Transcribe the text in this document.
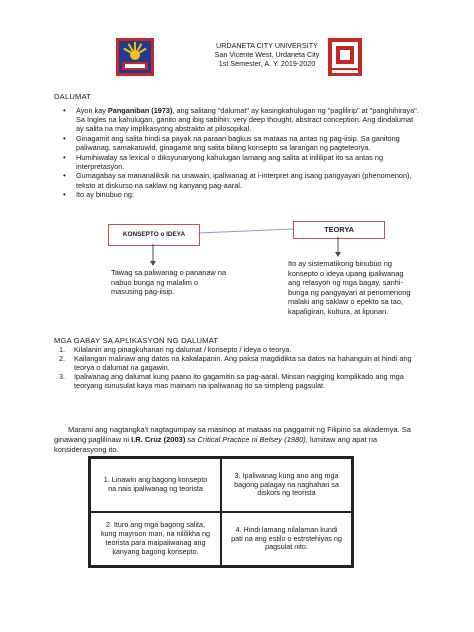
URDANETA CITY UNIVERSITY
San Vicente West, Urdaneta City
1st Semester, A. Y. 2019-2020
DALUMAT
• Ayon kay Panganiban (1973), ang salitang "dalumat" ay kasingkahulugan ng "paglilirip" at "panghihiraya". Sa Ingles na kahulugan, ganito ang ibig sabihin: very deep thought, abstract conception. Ang dindalumat ay salita na may implikasyong abstrakto at pilosopikal.
• Ginagamit ang salita hindi sa payak na paraan bagkus sa mataas na antas ng pag-iisip. Sa ganitong paliwanag, samakatuwid, ginagamit ang salita bilang konsepto sa larangan ng pagteteorya.
• Humihiwalay sa lexical o diksyunaryong kahulugan lamang ang salita at inililipat ito sa antas ng interpretasyon.
• Gumagabay sa mananaliksik na unawain, ipaliwanag at i-interpret ang isang pangyayari (phenomenon), teksto at diskurso na saklaw ng kanyang pag-aaral.
• Ito ay binubuo ng:
KONSEPTO o IDEYA
TEORYA
Tawag sa paliwanag o pananaw na nabuo bunga ng malalim o masusing pag-iisip.
Ito ay sistematikong binubuo ng konsepto o ideya upang ipaliwanag ang relasyon ng mga bagay, sanhi-bunga ng pangyayari at penomenong malaki ang saklaw o epekto sa tao, kapaligiran, kultura, at lipunan.
MGA GABAY SA APLIKASYON NG DALUMAT
1. Kilalanin ang pinagkuhanan ng dalumat / konsepto / ideya o teorya.
2. Kailangan malinaw ang datos na kakalapanin. Ang paksa magdidikta sa datos na hahanguin at hindi ang teorya o dalumat na gagawin.
3. Ipaliwanag ang dalumat kung paano ito gagamitin sa pag-aaral. Minsan nagiging komplikado ang mga teoryang isinusulat kaya mas mainam na ipaliwanag ito sa simpleng pagsulat.
Marami ang nagtangka't nagtagumpay sa masinop at mataas na paggamit ng Filipino sa akademya. Sa ginawang paglilinaw ni I.R. Cruz (2003) sa Critical Practice ni Belsey (1980), lumitaw ang apat na konsiderasyong ito.
1. Linawin ang bagong konsepto na nais ipaliwanag ng teorista	3. Ipaliwanag kung ano ang mga bagong palagay na naghahari sa diskors ng teorista
2. Ituro ang mga bagong salita, kung mayroon man, na nililikha ng teorista para maipaliwanag ang kanyang bagong konsepto.	4. Hindi lamang nilalaman kundi pati na ang estilo o estrstehiyas ng pagsulat nito.
